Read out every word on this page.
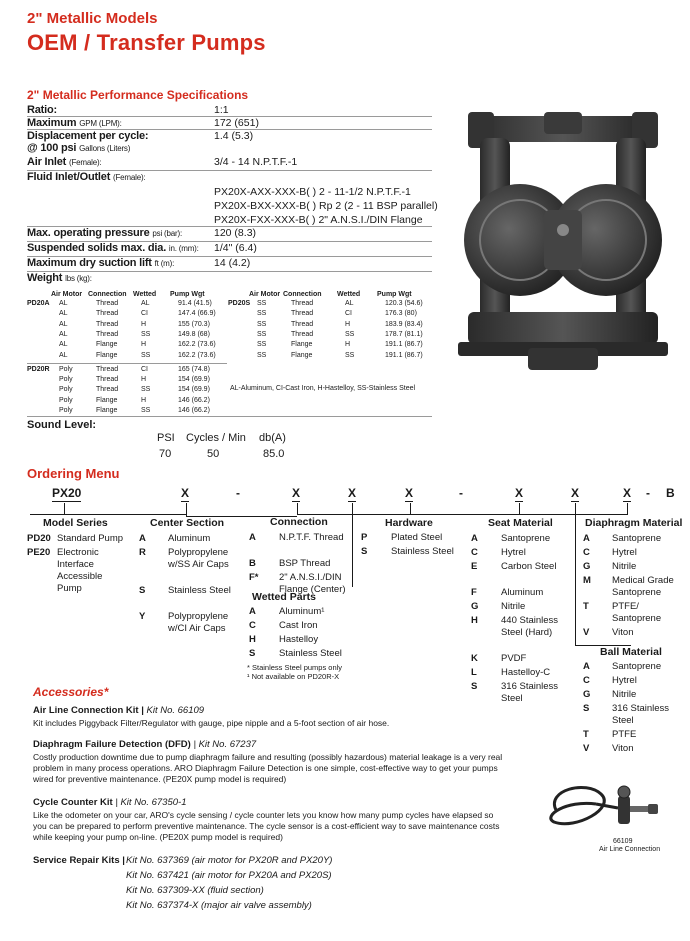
2" Metallic Models
OEM / Transfer Pumps
2" Metallic Performance Specifications
Ratio:	1:1
Maximum GPM (LPM):	172 (651)
Displacement per cycle:	1.4 (5.3)
@ 100 psi Gallons (Liters)
Air Inlet (Female):	3/4 - 14 N.P.T.F.-1
Fluid Inlet/Outlet (Female):
Max. operating pressure psi (bar):	120 (8.3)
Suspended solids max. dia. in. (mm): 1/4" (6.4)
Maximum dry suction lift ft (m):	14 (4.2)
Weight lbs (kg):
PX20X-AXX-XXX-B( ) 2 - 11-1/2 N.P.T.F.-1
PX20X-BXX-XXX-B( ) Rp 2 (2 - 11 BSP parallel)
PX20X-FXX-XXX-B( ) 2" A.N.S.I./DIN Flange
Air Motor	Air Motor
Connection	Connection
Wetted	Wetted
Pump Wgt	Pump Wgt
PD20A AL	Thread	AL	91.4 (41.5)
AL	Thread	CI	147.4 (66.9)
AL	Thread	H	155 (70.3)
AL	Thread	SS	149.8 (68)
AL	Flange	H	162.2 (73.6)
AL	Flange	SS	162.2 (73.6)
PD20R Poly	Thread	CI	165 (74.8)
Poly	Thread	H	154 (69.9)
Poly	Thread	SS	154 (69.9)
Poly	Flange	H	146 (66.2)
Poly	Flange	SS	146 (66.2)
PD20S SS	Thread	AL	120.3 (54.6)
SS	Thread	CI	176.3 (80)
SS	Thread	H	183.9 (83.4)
SS	Thread	SS	178.7 (81.1)
SS	Flange	H	191.1 (86.7)
SS	Flange	SS	191.1 (86.7)
AL-Aluminum, CI-Cast Iron, H-Hastelloy, SS-Stainless Steel
Sound Level:
PSI Cycles / Min db(A)
70	50	85.0
Ordering Menu
PX20	X	-	X	X	X	-	X	X	X - B
Model Series
PD20 Standard Pump
PE20 Electronic Interface Accessible Pump
Center Section
A Aluminum
R Polypropylene w/SS Air Caps
S Stainless Steel
Y Polypropylene w/CI Air Caps
Connection
A N.P.T.F. Thread
B BSP Thread
F* 2" A.N.S.I./DIN Flange (Center)
Wetted Parts
A Aluminum¹
C Cast Iron
H Hastelloy
S Stainless Steel
* Stainless Steel pumps only
¹ Not available on PD20R-X
Hardware
P Plated Steel
S Stainless Steel
Seat Material
A Santoprene
C Hytrel
E Carbon Steel
F	Aluminum
G Nitrile
H 440 Stainless Steel (Hard)
K PVDF
L	Hastelloy-C
S 316 Stainless Steel
Diaphragm Material
A Santoprene
C Hytrel
G Nitrile
M Medical Grade Santoprene
T PTFE/ Santoprene
V Viton
Ball Material
A Santoprene
C Hytrel
G Nitrile
S 316 Stainless Steel
T PTFE
V Viton
Accessories*
Air Line Connection Kit | Kit No. 66109
Kit includes Piggyback Filter/Regulator with gauge, pipe nipple and a 5-foot section of air hose.
Diaphragm Failure Detection (DFD) | Kit No. 67237
Costly production downtime due to pump diaphragm failure and resulting (possibly hazardous) material leakage is a very real problem in many process operations. ARO Diaphragm Failure Detection is one simple, cost-effective way to get your pumps wired for preventive maintenance. (PE20X pump model is required)
Cycle Counter Kit | Kit No. 67350-1
Like the odometer on your car, ARO's cycle sensing / cycle counter lets you know how many pump cycles have elapsed so you can be prepared to perform preventive maintenance. The cycle sensor is a cost-efficient way to save maintenance costs while keeping your pump on-line. (PE20X pump model is required)
Service Repair Kits | Kit No. 637369 (air motor for PX20R and PX20Y)
Kit No. 637421 (air motor for PX20A and PX20S)
Kit No. 637309-XX (fluid section)
Kit No. 637374-X (major air valve assembly)
66109
Air Line Connection
